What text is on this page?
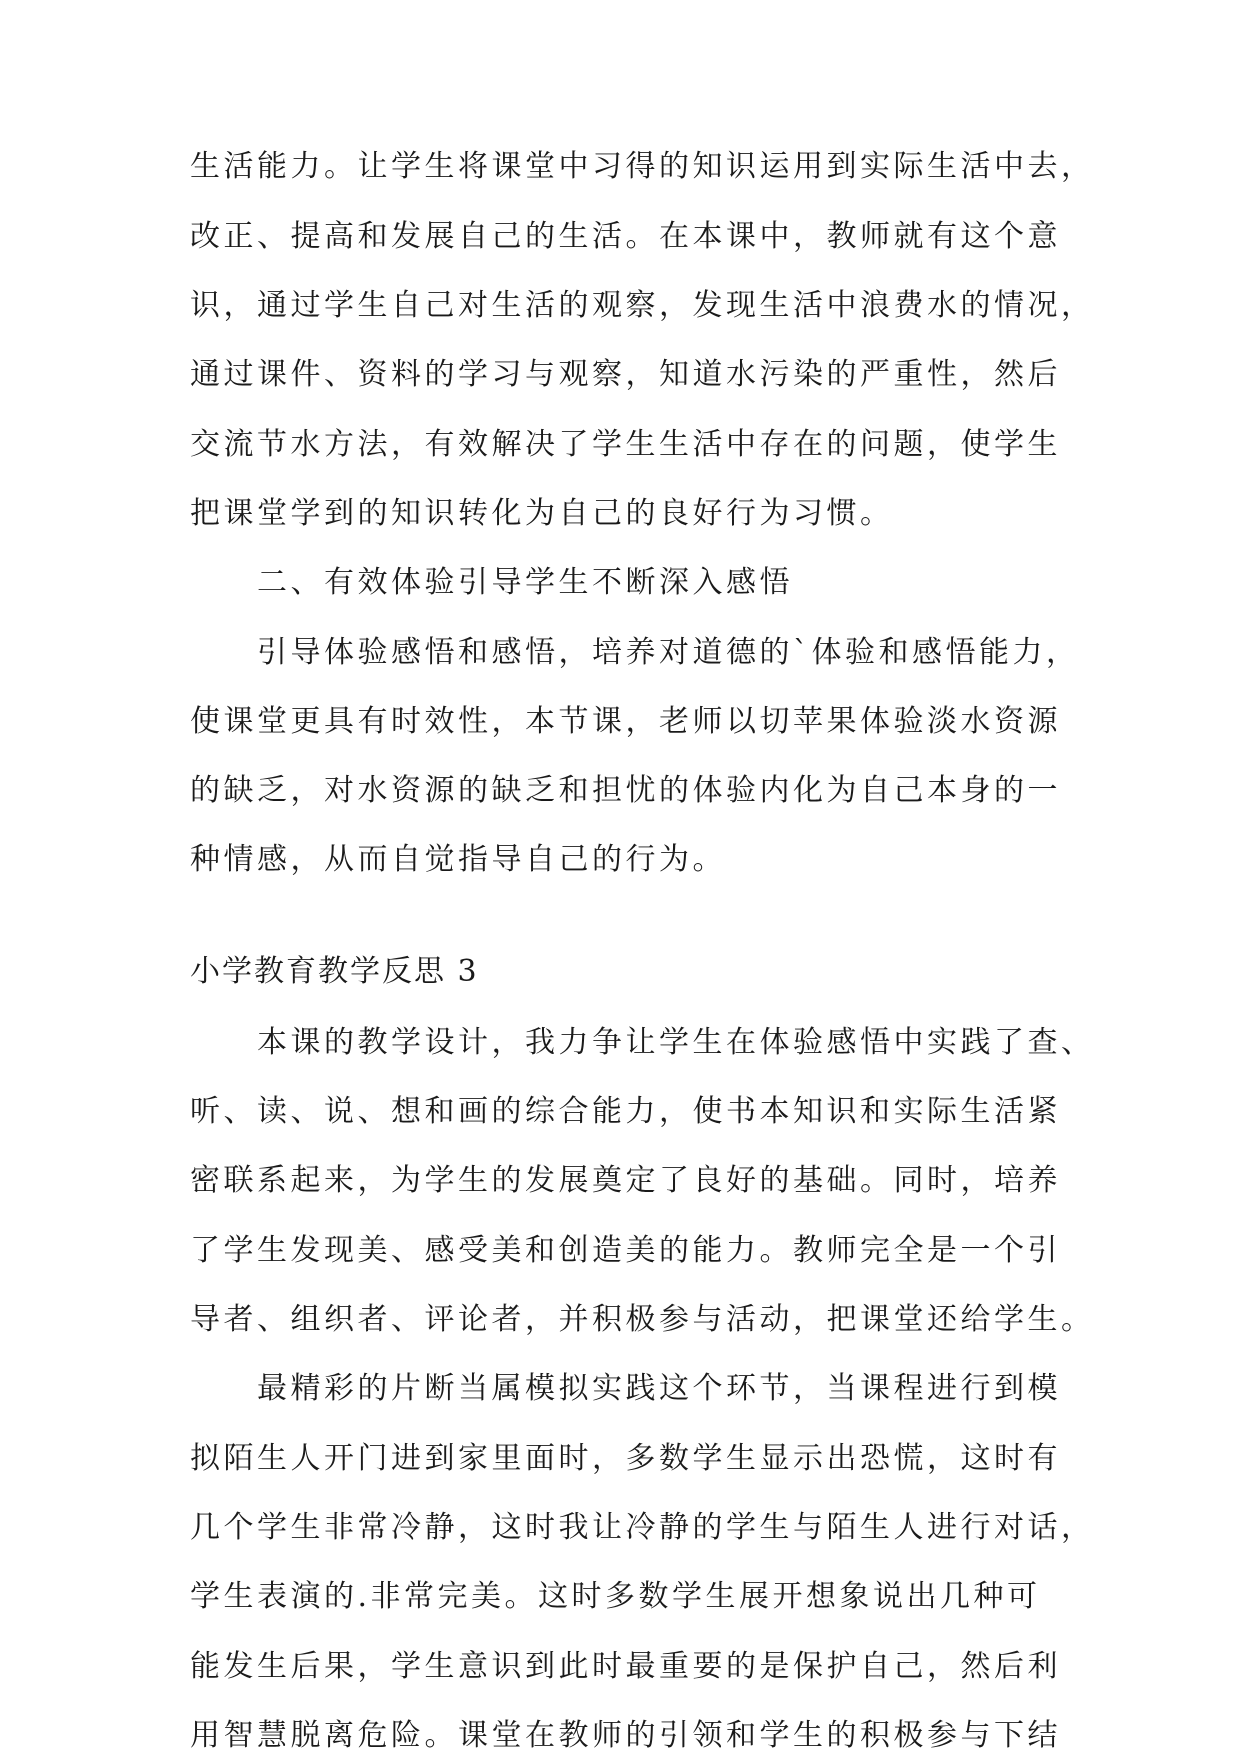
生活能力。让学生将课堂中习得的知识运用到实际生活中去，
改正、提高和发展自己的生活。在本课中，教师就有这个意
识，通过学生自己对生活的观察，发现生活中浪费水的情况，
通过课件、资料的学习与观察，知道水污染的严重性，然后
交流节水方法，有效解决了学生生活中存在的问题，使学生
把课堂学到的知识转化为自己的良好行为习惯。
二、有效体验引导学生不断深入感悟
引导体验感悟和感悟，培养对道德的`体验和感悟能力，
使课堂更具有时效性，本节课，老师以切苹果体验淡水资源
的缺乏，对水资源的缺乏和担忧的体验内化为自己本身的一
种情感，从而自觉指导自己的行为。
小学教育教学反思 3
本课的教学设计，我力争让学生在体验感悟中实践了查、
听、读、说、想和画的综合能力，使书本知识和实际生活紧
密联系起来，为学生的发展奠定了良好的基础。同时，培养
了学生发现美、感受美和创造美的能力。教师完全是一个引
导者、组织者、评论者，并积极参与活动，把课堂还给学生。
最精彩的片断当属模拟实践这个环节，当课程进行到模
拟陌生人开门进到家里面时，多数学生显示出恐慌，这时有
几个学生非常冷静，这时我让冷静的学生与陌生人进行对话，
学生表演的.非常完美。这时多数学生展开想象说出几种可
能发生后果，学生意识到此时最重要的是保护自己，然后利
用智慧脱离危险。课堂在教师的引领和学生的积极参与下结
